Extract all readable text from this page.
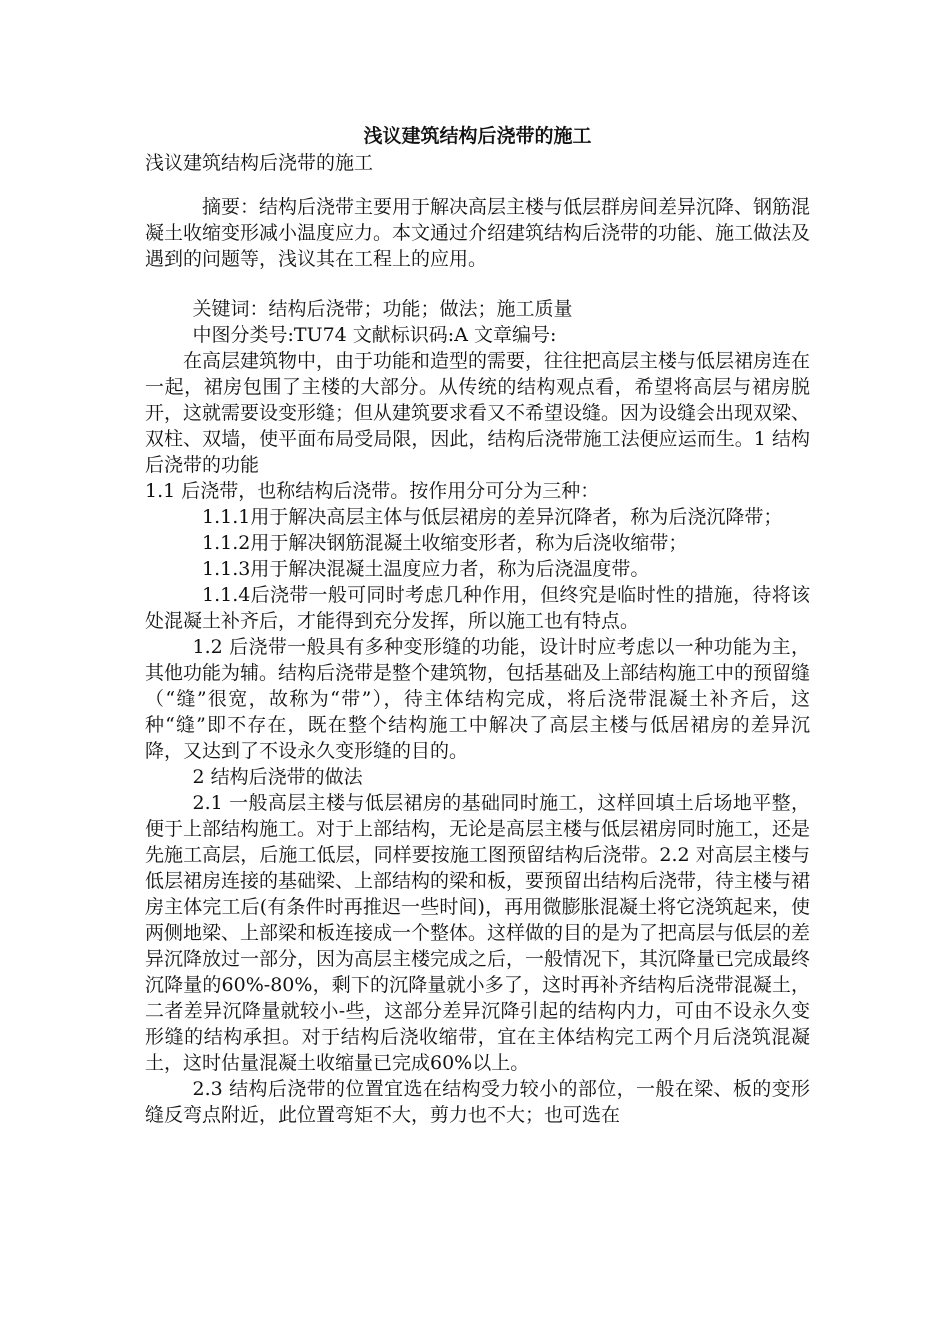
浅议建筑结构后浇带的施工

浅议建筑结构后浇带的施工

摘要：结构后浇带主要用于解决高层主楼与低层群房间差异沉降、钢筋混凝土收缩变形减小温度应力。本文通过介绍建筑结构后浇带的功能、施工做法及遇到的问题等，浅议其在工程上的应用。

关键词：结构后浇带；功能；做法；施工质量

中图分类号:TU74 文献标识码:A 文章编号:

在高层建筑物中，由于功能和造型的需要，往往把高层主楼与低层裙房连在一起，裙房包围了主楼的大部分。从传统的结构观点看，希望将高层与裙房脱开，这就需要设变形缝；但从建筑要求看又不希望设缝。因为设缝会出现双梁、双柱、双墙，使平面布局受局限，因此，结构后浇带施工法便应运而生。1 结构后浇带的功能

1.1 后浇带，也称结构后浇带。按作用分可分为三种：

1.1.1用于解决高层主体与低层裙房的差异沉降者，称为后浇沉降带；

1.1.2用于解决钢筋混凝土收缩变形者，称为后浇收缩带；

1.1.3用于解决混凝土温度应力者，称为后浇温度带。

1.1.4后浇带一般可同时考虑几种作用，但终究是临时性的措施，待将该处混凝土补齐后，才能得到充分发挥，所以施工也有特点。

1.2 后浇带一般具有多种变形缝的功能，设计时应考虑以一种功能为主，其他功能为辅。结构后浇带是整个建筑物，包括基础及上部结构施工中的预留缝（“缝”很宽，故称为“带”），待主体结构完成，将后浇带混凝土补齐后，这种“缝”即不存在，既在整个结构施工中解决了高层主楼与低居裙房的差异沉降，又达到了不设永久变形缝的目的。

2 结构后浇带的做法

2.1 一般高层主楼与低层裙房的基础同时施工，这样回填土后场地平整，便于上部结构施工。对于上部结构，无论是高层主楼与低层裙房同时施工，还是先施工高层，后施工低层，同样要按施工图预留结构后浇带。2.2 对高层主楼与低层裙房连接的基础梁、上部结构的梁和板，要预留出结构后浇带，待主楼与裙房主体完工后(有条件时再推迟一些时间)，再用微膨胀混凝土将它浇筑起来，使两侧地梁、上部梁和板连接成一个整体。这样做的目的是为了把高层与低层的差异沉降放过一部分，因为高层主楼完成之后，一般情况下，其沉降量已完成最终沉降量的60%-80%，剩下的沉降量就小多了，这时再补齐结构后浇带混凝土，二者差异沉降量就较小-些，这部分差异沉降引起的结构内力，可由不设永久变形缝的结构承担。对于结构后浇收缩带，宜在主体结构完工两个月后浇筑混凝土，这时估量混凝土收缩量已完成60%以上。

2.3 结构后浇带的位置宜选在结构受力较小的部位，一般在梁、板的变形缝反弯点附近，此位置弯矩不大，剪力也不大；也可选在
